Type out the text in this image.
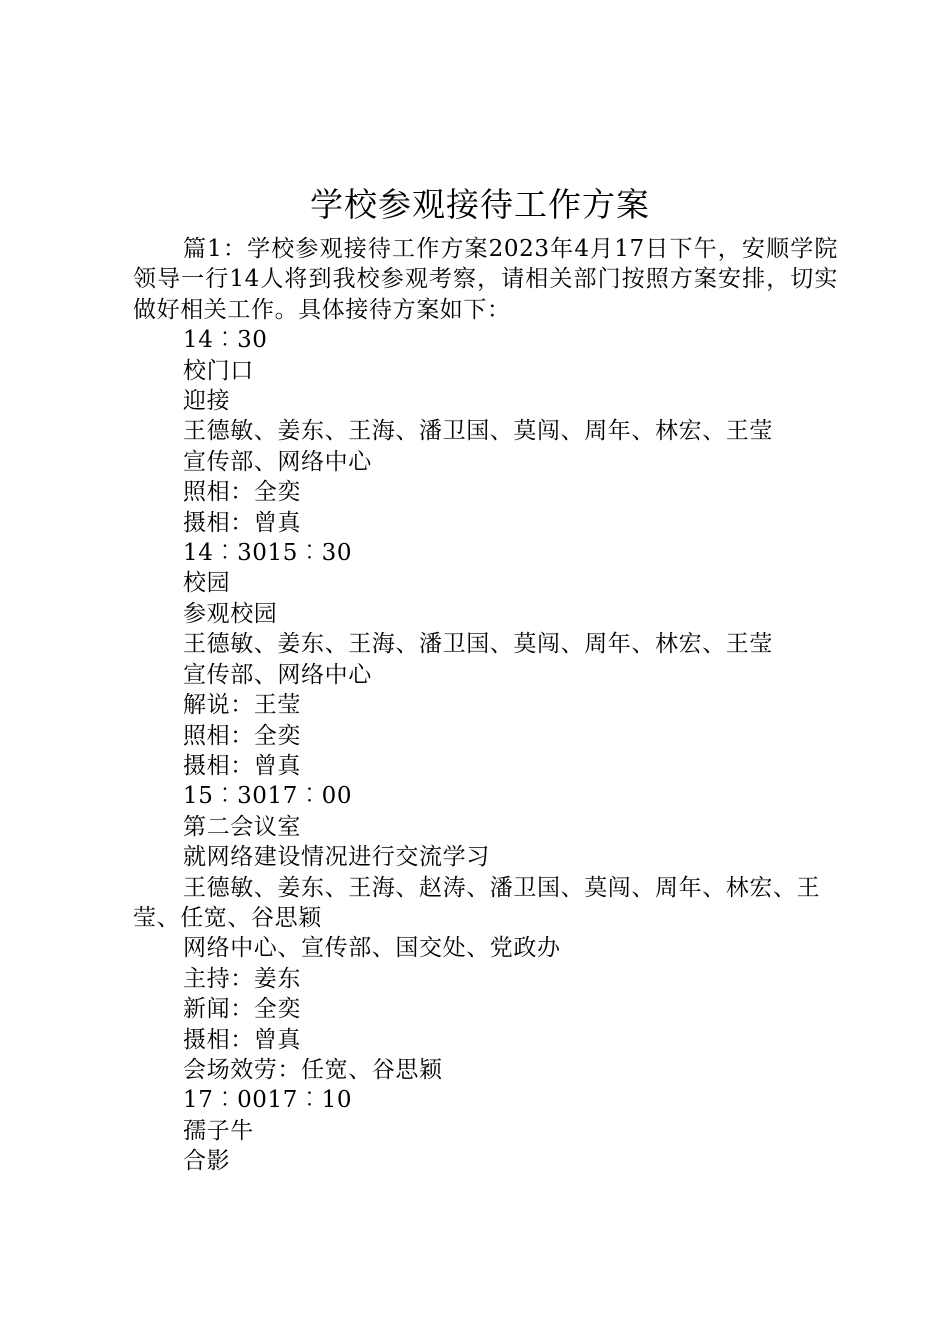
学校参观接待工作方案

篇1：学校参观接待工作方案2023年4月17日下午，安顺学院领导一行14人将到我校参观考察，请相关部门按照方案安排，切实做好相关工作。具体接待方案如下：

14︰30

校门口

迎接

王德敏、姜东、王海、潘卫国、莫闯、周年、林宏、王莹

宣传部、网络中心

照相：全奕

摄相：曾真

14︰3015︰30

校园

参观校园

王德敏、姜东、王海、潘卫国、莫闯、周年、林宏、王莹

宣传部、网络中心

解说：王莹

照相：全奕

摄相：曾真

15︰3017︰00

第二会议室

就网络建设情况进行交流学习

王德敏、姜东、王海、赵涛、潘卫国、莫闯、周年、林宏、王莹、任宽、谷思颖

网络中心、宣传部、国交处、党政办

主持：姜东

新闻：全奕

摄相：曾真

会场效劳：任宽、谷思颖

17︰0017︰10

孺子牛

合影
